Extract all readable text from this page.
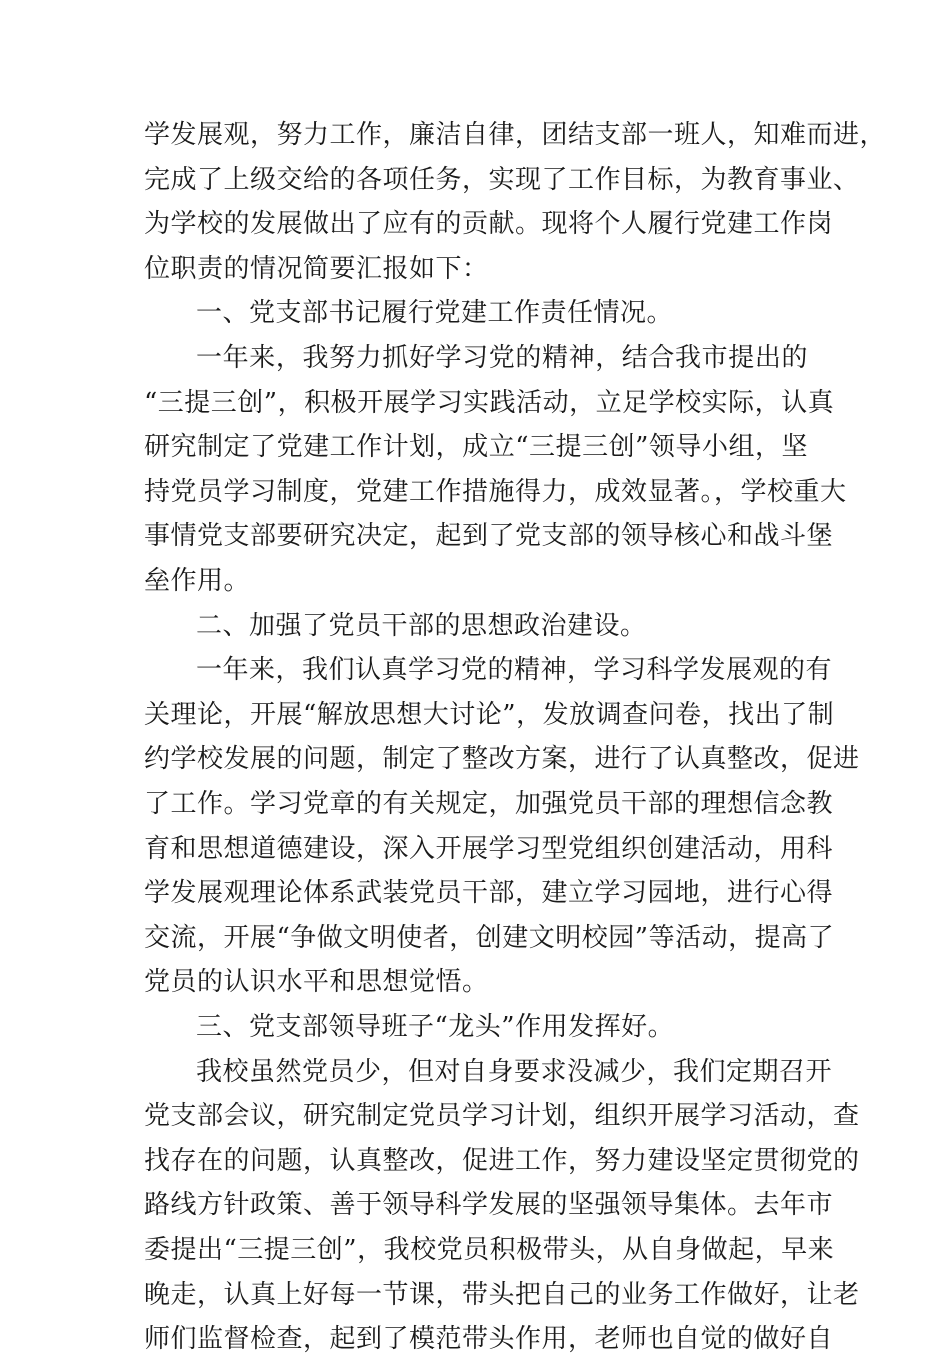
学发展观，努力工作，廉洁自律，团结支部一班人，知难而进，
完成了上级交给的各项任务，实现了工作目标，为教育事业、
为学校的发展做出了应有的贡献。现将个人履行党建工作岗
位职责的情况简要汇报如下：
一、党支部书记履行党建工作责任情况。
一年来，我努力抓好学习党的精神，结合我市提出的
“三提三创”，积极开展学习实践活动，立足学校实际，认真
研究制定了党建工作计划，成立“三提三创”领导小组，坚
持党员学习制度，党建工作措施得力，成效显著。，学校重大
事情党支部要研究决定，起到了党支部的领导核心和战斗堡
垒作用。
二、加强了党员干部的思想政治建设。
一年来，我们认真学习党的精神，学习科学发展观的有
关理论，开展“解放思想大讨论”，发放调查问卷，找出了制
约学校发展的问题，制定了整改方案，进行了认真整改，促进
了工作。学习党章的有关规定，加强党员干部的理想信念教
育和思想道德建设，深入开展学习型党组织创建活动，用科
学发展观理论体系武装党员干部，建立学习园地，进行心得
交流，开展“争做文明使者，创建文明校园”等活动，提高了
党员的认识水平和思想觉悟。
三、党支部领导班子“龙头”作用发挥好。
我校虽然党员少，但对自身要求没减少，我们定期召开
党支部会议，研究制定党员学习计划，组织开展学习活动，查
找存在的问题，认真整改，促进工作，努力建设坚定贯彻党的
路线方针政策、善于领导科学发展的坚强领导集体。去年市
委提出“三提三创”，我校党员积极带头，从自身做起，早来
晚走，认真上好每一节课，带头把自己的业务工作做好，让老
师们监督检查，起到了模范带头作用，老师也自觉的做好自
